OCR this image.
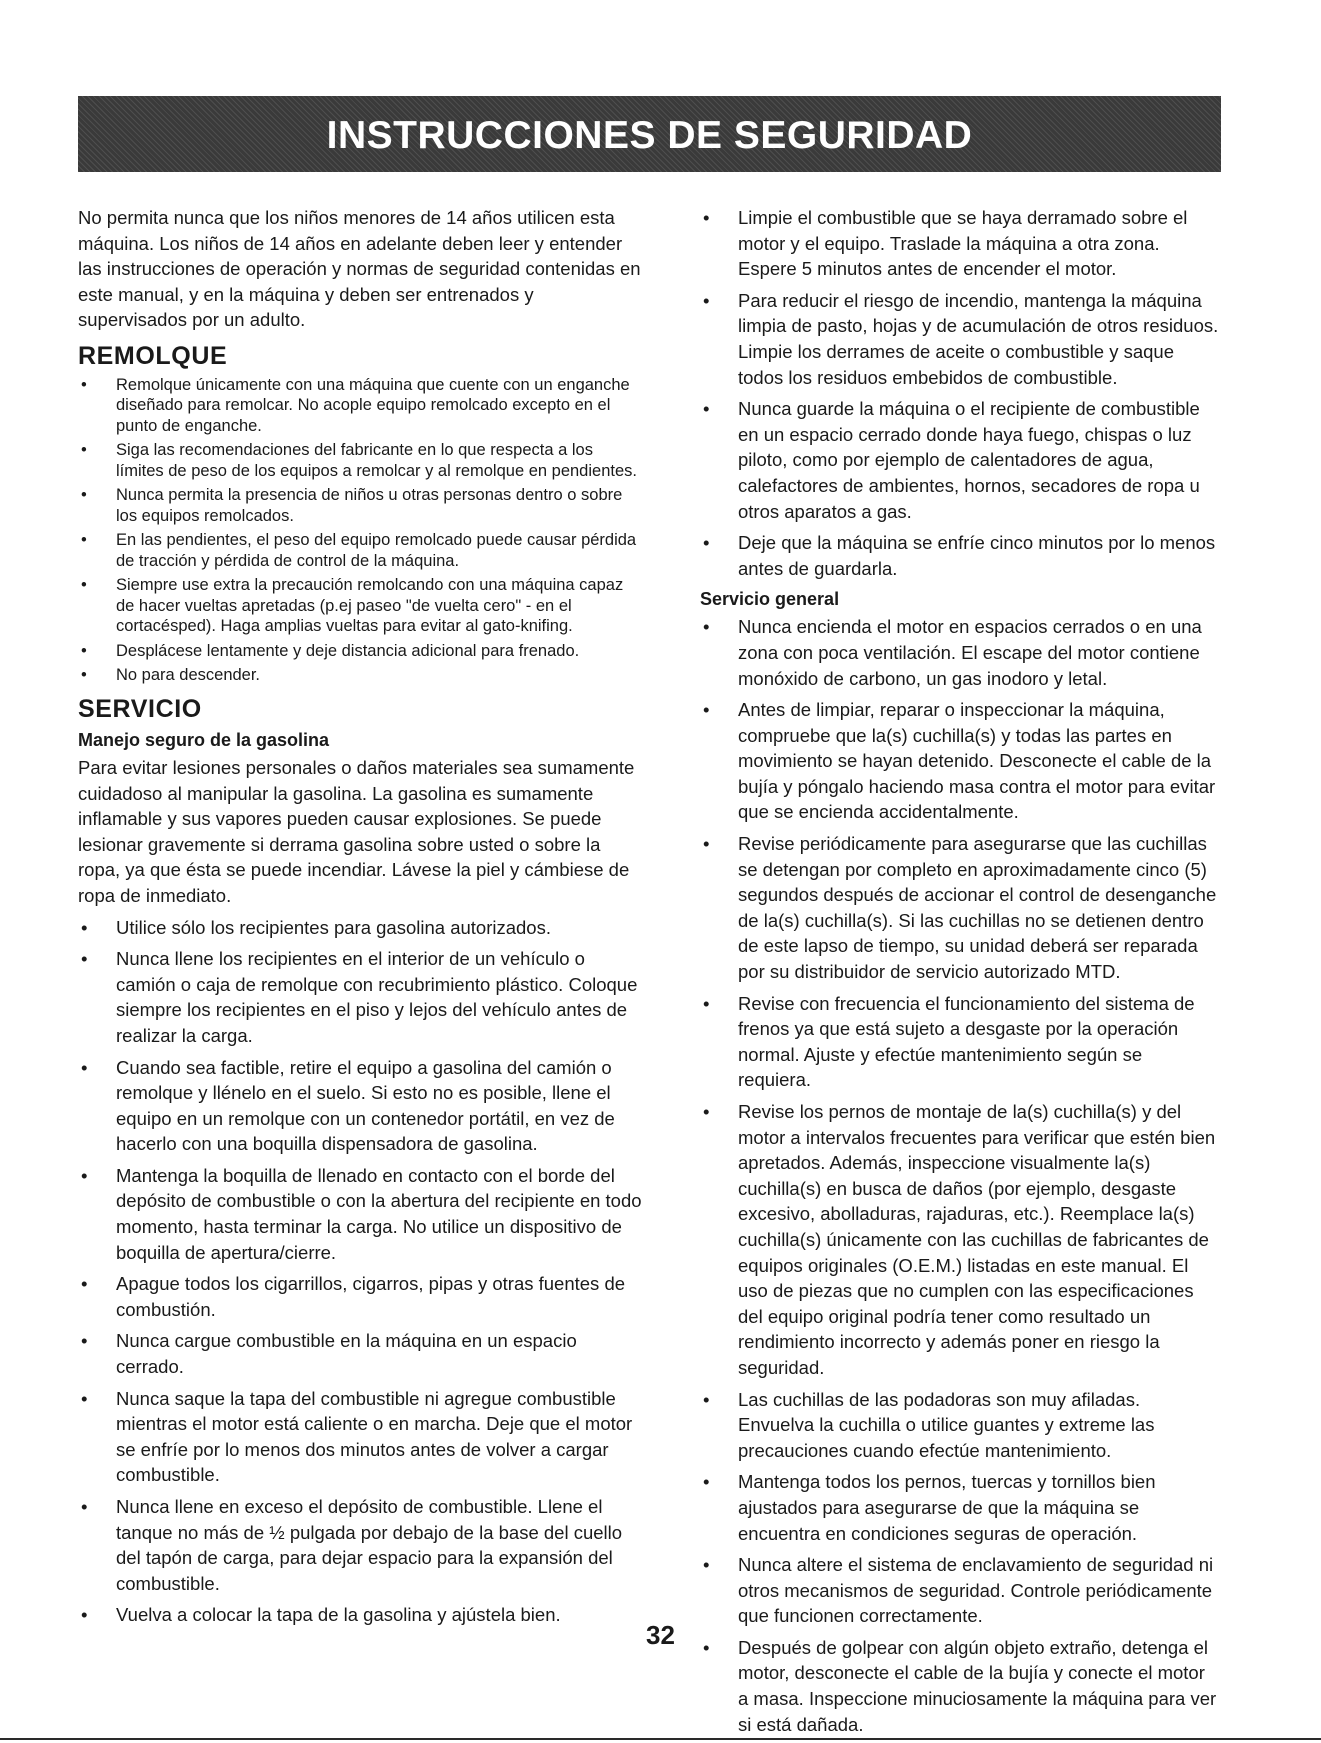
INSTRUCCIONES DE SEGURIDAD

No permita nunca que los niños menores de 14 años utilicen esta máquina. Los niños de 14 años en adelante deben leer y entender las instrucciones de operación y normas de seguridad contenidas en este manual, y en la máquina y deben ser entrenados y supervisados por un adulto.

REMOLQUE
• Remolque únicamente con una máquina que cuente con un enganche diseñado para remolcar. No acople equipo remolcado excepto en el punto de enganche.
• Siga las recomendaciones del fabricante en lo que respecta a los límites de peso de los equipos a remolcar y al remolque en pendientes.
• Nunca permita la presencia de niños u otras personas dentro o sobre los equipos remolcados.
• En las pendientes, el peso del equipo remolcado puede causar pérdida de tracción y pérdida de control de la máquina.
• Siempre use extra la precaución remolcando con una máquina capaz de hacer vueltas apretadas (p.ej paseo "de vuelta cero" - en el cortacésped). Haga amplias vueltas para evitar al gato-knifing.
• Desplácese lentamente y deje distancia adicional para frenado.
• No para descender.
SERVICIO
Manejo seguro de la gasolina

Para evitar lesiones personales o daños materiales sea sumamente cuidadoso al manipular la gasolina. La gasolina es sumamente inflamable y sus vapores pueden causar explosiones. Se puede lesionar gravemente si derrama gasolina sobre usted o sobre la ropa, ya que ésta se puede incendiar. Lávese la piel y cámbiese de ropa de inmediato.

• Utilice sólo los recipientes para gasolina autorizados.
• Nunca llene los recipientes en el interior de un vehículo o camión o caja de remolque con recubrimiento plástico. Coloque siempre los recipientes en el piso y lejos del vehículo antes de realizar la carga.
• Cuando sea factible, retire el equipo a gasolina del camión o remolque y llénelo en el suelo. Si esto no es posible, llene el equipo en un remolque con un contenedor portátil, en vez de hacerlo con una boquilla dispensadora de gasolina.
• Mantenga la boquilla de llenado en contacto con el borde del depósito de combustible o con la abertura del recipiente en todo momento, hasta terminar la carga. No utilice un dispositivo de boquilla de apertura/cierre.
• Apague todos los cigarrillos, cigarros, pipas y otras fuentes de combustión.
• Nunca cargue combustible en la máquina en un espacio cerrado.
• Nunca saque la tapa del combustible ni agregue combustible mientras el motor está caliente o en marcha. Deje que el motor se enfríe por lo menos dos minutos antes de volver a cargar combustible.
• Nunca llene en exceso el depósito de combustible. Llene el tanque no más de ½ pulgada por debajo de la base del cuello del tapón de carga, para dejar espacio para la expansión del combustible.
• Vuelva a colocar la tapa de la gasolina y ajústela bien.
• Limpie el combustible que se haya derramado sobre el motor y el equipo. Traslade la máquina a otra zona. Espere 5 minutos antes de encender el motor.
• Para reducir el riesgo de incendio, mantenga la máquina limpia de pasto, hojas y de acumulación de otros residuos. Limpie los derrames de aceite o combustible y saque todos los residuos embebidos de combustible.
• Nunca guarde la máquina o el recipiente de combustible en un espacio cerrado donde haya fuego, chispas o luz piloto, como por ejemplo de calentadores de agua, calefactores de ambientes, hornos, secadores de ropa u otros aparatos a gas.
• Deje que la máquina se enfríe cinco minutos por lo menos antes de guardarla.
Servicio general
• Nunca encienda el motor en espacios cerrados o en una zona con poca ventilación. El escape del motor contiene monóxido de carbono, un gas inodoro y letal.
• Antes de limpiar, reparar o inspeccionar la máquina, compruebe que la(s) cuchilla(s) y todas las partes en movimiento se hayan detenido. Desconecte el cable de la bujía y póngalo haciendo masa contra el motor para evitar que se encienda accidentalmente.
• Revise periódicamente para asegurarse que las cuchillas se detengan por completo en aproximadamente cinco (5) segundos después de accionar el control de desenganche de la(s) cuchilla(s). Si las cuchillas no se detienen dentro de este lapso de tiempo, su unidad deberá ser reparada por su distribuidor de servicio autorizado MTD.
• Revise con frecuencia el funcionamiento del sistema de frenos ya que está sujeto a desgaste por la operación normal. Ajuste y efectúe mantenimiento según se requiera.
• Revise los pernos de montaje de la(s) cuchilla(s) y del motor a intervalos frecuentes para verificar que estén bien apretados. Además, inspeccione visualmente la(s) cuchilla(s) en busca de daños (por ejemplo, desgaste excesivo, abolladuras, rajaduras, etc.). Reemplace la(s) cuchilla(s) únicamente con las cuchillas de fabricantes de equipos originales (O.E.M.) listadas en este manual. El uso de piezas que no cumplen con las especificaciones del equipo original podría tener como resultado un rendimiento incorrecto y además poner en riesgo la seguridad.
• Las cuchillas de las podadoras son muy afiladas. Envuelva la cuchilla o utilice guantes y extreme las precauciones cuando efectúe mantenimiento.
• Mantenga todos los pernos, tuercas y tornillos bien ajustados para asegurarse de que la máquina se encuentra en condiciones seguras de operación.
• Nunca altere el sistema de enclavamiento de seguridad ni otros mecanismos de seguridad. Controle periódicamente que funcionen correctamente.
• Después de golpear con algún objeto extraño, detenga el motor, desconecte el cable de la bujía y conecte el motor a masa. Inspeccione minuciosamente la máquina para ver si está dañada.
32
